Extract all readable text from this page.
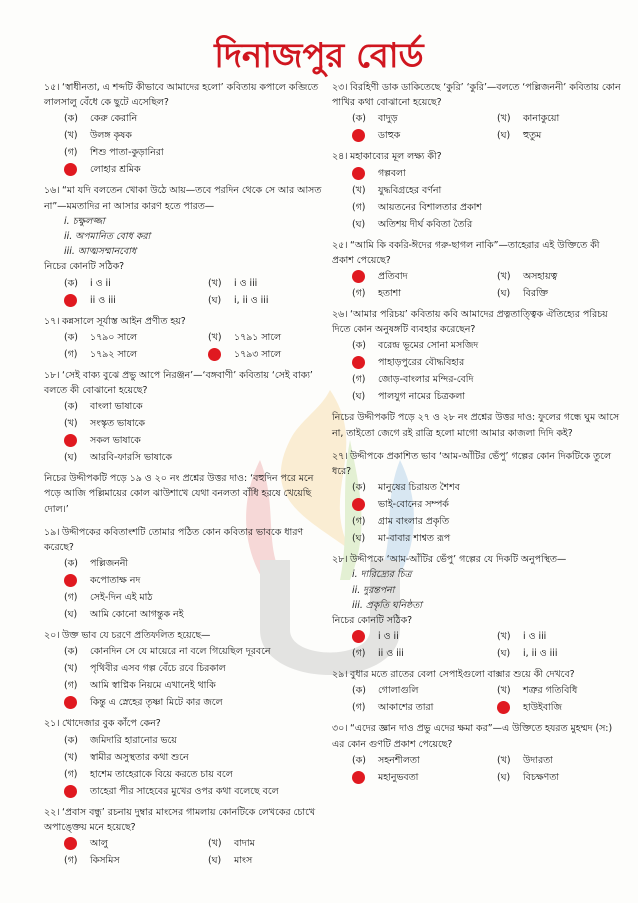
দিনাজপুর বোর্ড

১৫। ‘স্বাধীনতা, এ শব্দটি কীভাবে আমাদের হলো’ কবিতায় কপালে কব্জিতে লালসালু বেঁধে কে ছুটে এসেছিল?

(ক)	কেরু কেরানি
(খ)	উলঙ্গ কৃষক
(গ)	শিশু পাতা-কুড়ানিরা
লোহার শ্রমিক

১৬। “মা যদি বলতেন খোকা উঠে আয়—তবে পরদিন থেকে সে আর আসত না”—মমতাদির না আসার কারণ হতে পারত—

i. চক্ষুলজ্জা

ii. অপমানিত বোধ করা

iii. আত্মসম্মানবোধ

নিচের কোনটি সঠিক?

(ক)	i ও ii	(খ)	i ও iii
ii ও iii	(ঘ)	i, ii ও iii

১৭। কন্নসালে সূর্যাস্ত আইন প্রণীত হয়?

(ক)	১৭৯০ সালে	(খ)	১৭৯১ সালে
(গ)	১৭৯২ সালে	১৭৯৩ সালে

১৮। ‘সেই বাক্য বুঝে প্রভু আপে নিরঞ্জন’—‘বঙ্গবাণী’ কবিতায় ‘সেই বাক্য’ বলতে কী বোঝানো হয়েছে?

(ক)	বাংলা ভাষাকে
(খ)	সংস্কৃত ভাষাকে
সকল ভাষাকে
(ঘ)	আরবি-ফারসি ভাষাকে

নিচের উদ্দীপকটি পড়ে ১৯ ও ২০ নং প্রশ্নের উত্তর দাও: ‘বহুদিন পরে মনে পড়ে আজি পল্লিমায়ের কোল ঝাউশাখে যেথা বনলতা বাঁধি হরষে খেয়েছি দোল।’

১৯। উদ্দীপকের কবিতাংশটি তোমার পঠিত কোন কবিতার ভাবকে ধারণ করেছে?

(ক)	পল্লিজননী
কপোতাক্ষ নদ
(গ)	সেই-দিন এই মাঠ
(ঘ)	আমি কোনো আগন্তুক নই

২০। উক্ত ভাব যে চরণে প্রতিফলিত হয়েছে—

(ক)	কোনদিন সে যে মায়েরে না বলে গিয়েছিল দূরবনে
(খ)	পৃথিবীর এসব গল্প বেঁচে রবে চিরকাল
(গ)	আমি স্বাপ্নিক নিয়মে এখানেই থাকি
কিন্তু এ স্নেহের তৃষ্ণা মিটে কার জলে

২১। খোদেজার বুক কাঁপে কেন?

(ক)	জমিদারি হারানোর ভয়ে
(খ)	স্বামীর অসুস্থতার কথা শুনে
(গ)	হাশেম তাহেরাকে বিয়ে করতে চায় বলে
তাহেরা পীর সাহেবের মুখের ওপর কথা বলেছে বলে

২২। ‘প্রবাস বন্ধু’ রচনায় দুম্বার মাংসের গামলায় কোনটিকে লেখকের চোখে অপাঙ্ক্তেয় মনে হয়েছে?

আলু	(খ)	বাদাম
(গ)	কিসমিস	(ঘ)	মাংস

২৩। বিরহিণী ডাক ডাকিতেছে ‘কুরি’ ‘কুরি’—বলতে ‘পল্লিজননী’ কবিতায় কোন পাখির কথা বোঝানো হয়েছে?

(ক)	বাদুড়	(খ)	কানাকুয়ো
ডাহুক	(ঘ)	হুতুম

২৪। মহাকাব্যের মূল লক্ষ্য কী?

গল্পবলা
(খ)	যুদ্ধবিগ্রহের বর্ণনা
(গ)	আয়তনের বিশালতার প্রকাশ
(ঘ)	অতিশয় দীর্ঘ কবিতা তৈরি

২৫। “আমি কি বকরি-ঈদের গরু-ছাগল নাকি”—তাহেরার এই উক্তিতে কী প্রকাশ পেয়েছে?

প্রতিবাদ	(খ)	অসহায়ত্ব
(গ)	হতাশা	(ঘ)	বিরক্তি

২৬। ‘আমার পরিচয়’ কবিতায় কবি আমাদের প্রত্নতাত্ত্বিক ঐতিহ্যের পরিচয় দিতে কোন অনুষঙ্গটি ব্যবহার করেছেন?

(ক)	বরেন্দ্র ভূমের সোনা মসজিদ
পাহাড়পুরের বৌদ্ধবিহার
(গ)	জোড়-বাংলার মন্দির-বেদি
(ঘ)	পালযুগ নামের চিত্রকলা

নিচের উদ্দীপকটি পড়ে ২৭ ও ২৮ নং প্রশ্নের উত্তর দাও: ফুলের গন্ধে ঘুম আসে না, তাইতো জেগে রই রাত্রি হলো মাগো আমার কাজলা দিদি কই?

২৭। উদ্দীপকে প্রকাশিত ভাব ‘আম-আঁটির ভেঁপু’ গল্পের কোন দিকটিকে তুলে ধরে?

(ক)	মানুষের চিরায়ত শৈশব
ভাই-বোনের সম্পর্ক
(গ)	গ্রাম বাংলার প্রকৃতি
(ঘ)	মা-বাবার শাশ্বত রূপ

২৮। উদ্দীপকে ‘আম-আঁটির ভেঁপু’ গল্পের যে দিকটি অনুপস্থিত—

i. দারিদ্র্যের চিত্র

ii. দুরন্তপনা

iii. প্রকৃতি ঘনিষ্ঠতা

নিচের কোনটি সঠিক?

i ও ii	(খ)	i ও iii
(গ)	ii ও iii	(ঘ)	i, ii ও iii

২৯। বুধার মতে রাতের বেলা সেপাইগুলো বাক্সার শুয়ে কী দেখবে?

(ক)	গোলাগুলি	(খ)	শত্রুর গতিবিধি
(গ)	আকাশের তারা	হাউইবাজি

৩০। “এদের জ্ঞান দাও প্রভু এদের ক্ষমা কর”—এ উক্তিতে হযরত মুহম্মদ (স:) এর কোন গুণটি প্রকাশ পেয়েছে?

(ক)	সহনশীলতা	(খ)	উদারতা
মহানুভবতা	(ঘ)	বিচক্ষণতা
